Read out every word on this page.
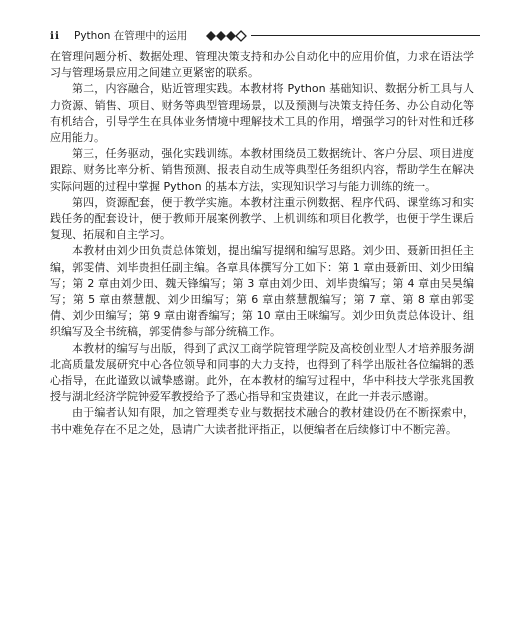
ii Python 在管理中的运用

在管理问题分析、数据处理、管理决策支持和办公自动化中的应用价值，力求在语法学习与管理场景应用之间建立更紧密的联系。

第二，内容融合，贴近管理实践。本教材将 Python 基础知识、数据分析工具与人力资源、销售、项目、财务等典型管理场景，以及预测与决策支持任务、办公自动化等有机结合，引导学生在具体业务情境中理解技术工具的作用，增强学习的针对性和迁移应用能力。

第三，任务驱动，强化实践训练。本教材围绕员工数据统计、客户分层、项目进度跟踪、财务比率分析、销售预测、报表自动生成等典型任务组织内容，帮助学生在解决实际问题的过程中掌握 Python 的基本方法，实现知识学习与能力训练的统一。

第四，资源配套，便于教学实施。本教材注重示例数据、程序代码、课堂练习和实践任务的配套设计，便于教师开展案例教学、上机训练和项目化教学，也便于学生课后复现、拓展和自主学习。

本教材由刘少田负责总体策划，提出编写提纲和编写思路。刘少田、聂新田担任主编，郭雯倩、刘毕贵担任副主编。各章具体撰写分工如下：第 1 章由聂新田、刘少田编写；第 2 章由刘少田、魏天锋编写；第 3 章由刘少田、刘毕贵编写；第 4 章由吴昊编写；第 5 章由蔡慧靓、刘少田编写；第 6 章由蔡慧靓编写；第 7 章、第 8 章由郭雯倩、刘少田编写；第 9 章由谢香编写；第 10 章由王咪编写。刘少田负责总体设计、组织编写及全书统稿，郭雯倩参与部分统稿工作。

本教材的编写与出版，得到了武汉工商学院管理学院及高校创业型人才培养服务湖北高质量发展研究中心各位领导和同事的大力支持，也得到了科学出版社各位编辑的悉心指导，在此谨致以诚挚感谢。此外，在本教材的编写过程中，华中科技大学张兆国教授与湖北经济学院钟爱军教授给予了悉心指导和宝贵建议，在此一并表示感谢。

由于编者认知有限，加之管理类专业与数据技术融合的教材建设仍在不断探索中，书中难免存在不足之处，恳请广大读者批评指正，以便编者在后续修订中不断完善。
